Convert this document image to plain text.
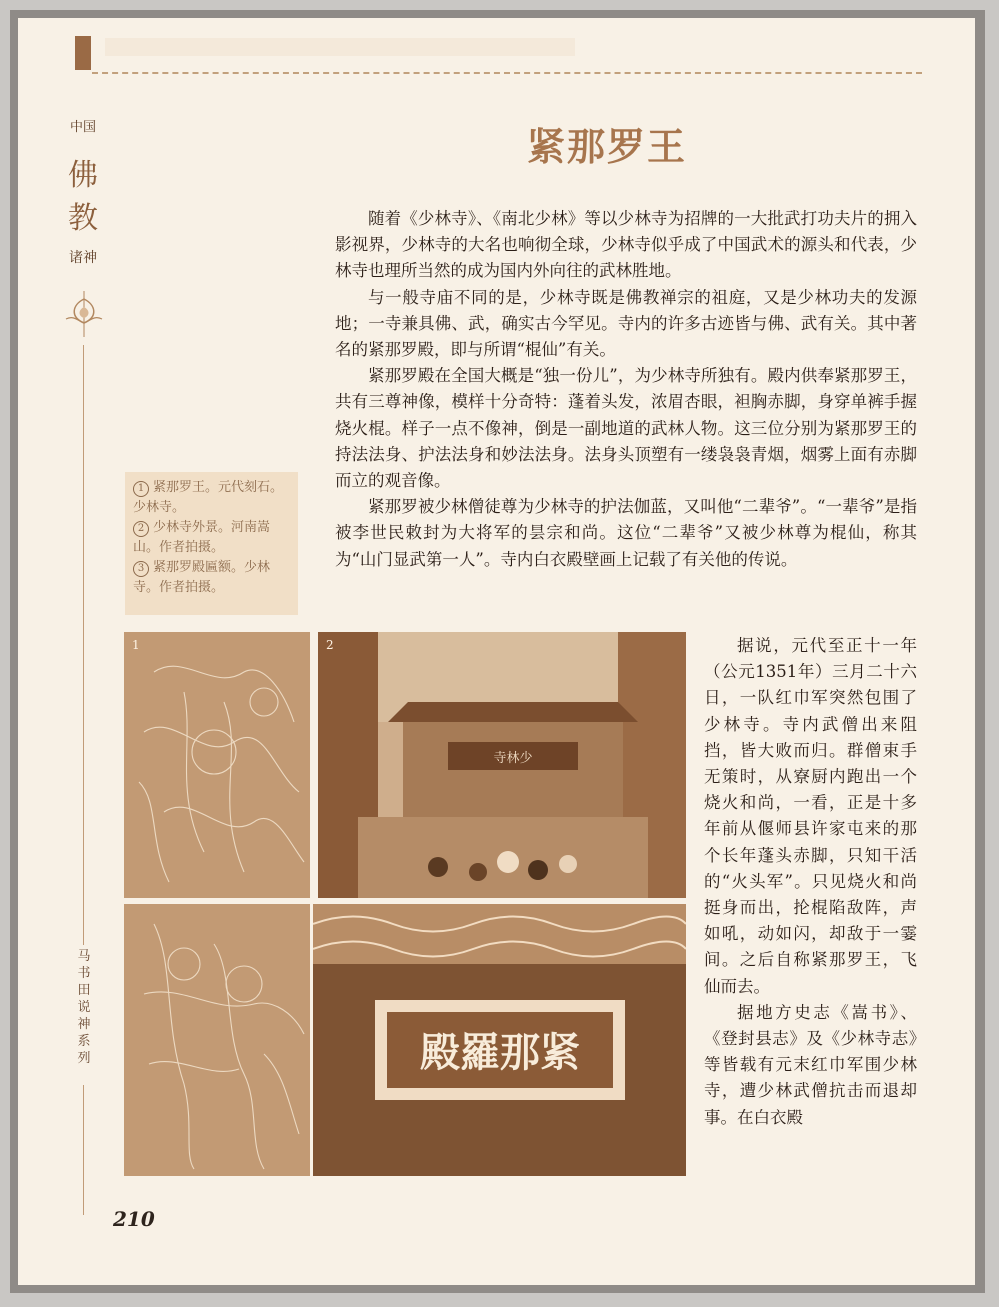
中国
佛
教
诸神
马书田说神系列
紧那罗王

随着《少林寺》、《南北少林》等以少林寺为招牌的一大批武打功夫片的拥入影视界，少林寺的大名也响彻全球，少林寺似乎成了中国武术的源头和代表，少林寺也理所当然的成为国内外向往的武林胜地。

与一般寺庙不同的是，少林寺既是佛教禅宗的祖庭，又是少林功夫的发源地；一寺兼具佛、武，确实古今罕见。寺内的许多古迹皆与佛、武有关。其中著名的紧那罗殿，即与所谓“棍仙”有关。

紧那罗殿在全国大概是“独一份儿”，为少林寺所独有。殿内供奉紧那罗王，共有三尊神像，模样十分奇特：蓬着头发，浓眉杏眼，袒胸赤脚，身穿单裤手握烧火棍。样子一点不像神，倒是一副地道的武林人物。这三位分别为紧那罗王的持法法身、护法法身和妙法法身。法身头顶塑有一缕袅袅青烟，烟雾上面有赤脚而立的观音像。

紧那罗被少林僧徒尊为少林寺的护法伽蓝，又叫他“二辈爷”。“一辈爷”是指被李世民敕封为大将军的昙宗和尚。这位“二辈爷”又被少林尊为棍仙，称其为“山门显武第一人”。寺内白衣殿壁画上记载了有关他的传说。

1 紧那罗王。元代刻石。少林寺。
2 少林寺外景。河南嵩山。作者拍摄。
3 紧那罗殿匾额。少林寺。作者拍摄。
1
寺林少
2
殿羅那紧

据说，元代至正十一年（公元1351年）三月二十六日，一队红巾军突然包围了少林寺。寺内武僧出来阻挡，皆大败而归。群僧束手无策时，从寮厨内跑出一个烧火和尚，一看，正是十多年前从偃师县许家屯来的那个长年蓬头赤脚，只知干活的“火头军”。只见烧火和尚挺身而出，抡棍陷敌阵，声如吼，动如闪，却敌于一霎间。之后自称紧那罗王，飞仙而去。

据地方史志《嵩书》、《登封县志》及《少林寺志》等皆载有元末红巾军围少林寺，遭少林武僧抗击而退却事。在白衣殿

210
